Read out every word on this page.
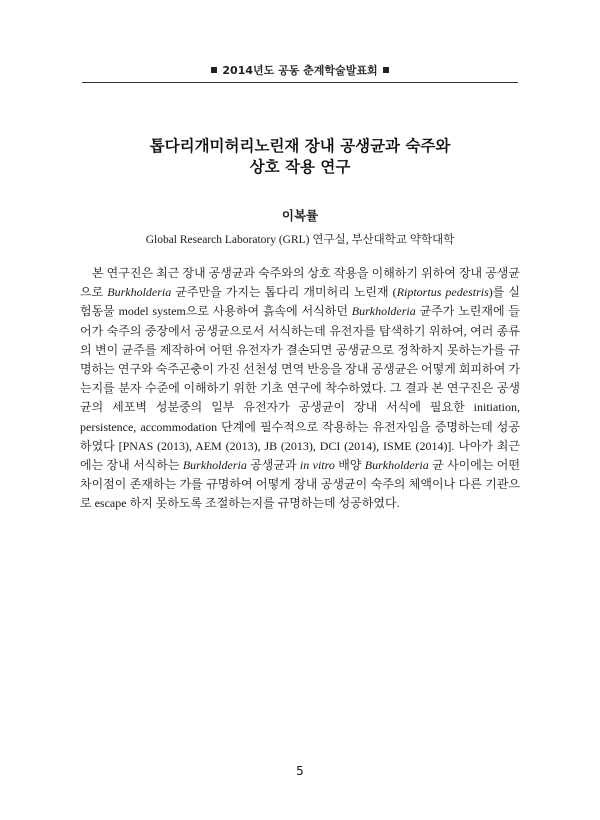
2014년도 공동 춘계학술발표회
톱다리개미허리노린재 장내 공생균과 숙주와
상호 작용 연구
이복률
Global Research Laboratory (GRL) 연구실, 부산대학교 약학대학

본 연구진은 최근 장내 공생균과 숙주와의 상호 작용을 이해하기 위하여 장내 공생균으로 Burkholderia 균주만을 가지는 톱다리 개미허리 노린재 (Riptortus pedestris)를 실험동물 model system으로 사용하여 흙속에 서식하던 Burkholderia 균주가 노린재에 들어가 숙주의 중장에서 공생균으로서 서식하는데 유전자를 탐색하기 위하여, 여러 종류의 변이 균주를 제작하여 어떤 유전자가 결손되면 공생균으로 정착하지 못하는가를 규명하는 연구와 숙주곤충이 가진 선천성 면역 반응을 장내 공생균은 어떻게 회피하여 가는지를 분자 수준에 이해하기 위한 기초 연구에 착수하였다. 그 결과 본 연구진은 공생균의 세포벽 성분중의 일부 유전자가 공생균이 장내 서식에 필요한 initiation, persistence, accommodation 단계에 필수적으로 작용하는 유전자임을 증명하는데 성공하였다 [PNAS (2013), AEM (2013), JB (2013), DCI (2014), ISME (2014)]. 나아가 최근에는 장내 서식하는 Burkholderia 공생균과 in vitro 배양 Burkholderia 균 사이에는 어떤 차이점이 존재하는 가를 규명하여 어떻게 장내 공생균이 숙주의 체액이나 다른 기관으로 escape 하지 못하도록 조절하는지를 규명하는데 성공하였다.

5
